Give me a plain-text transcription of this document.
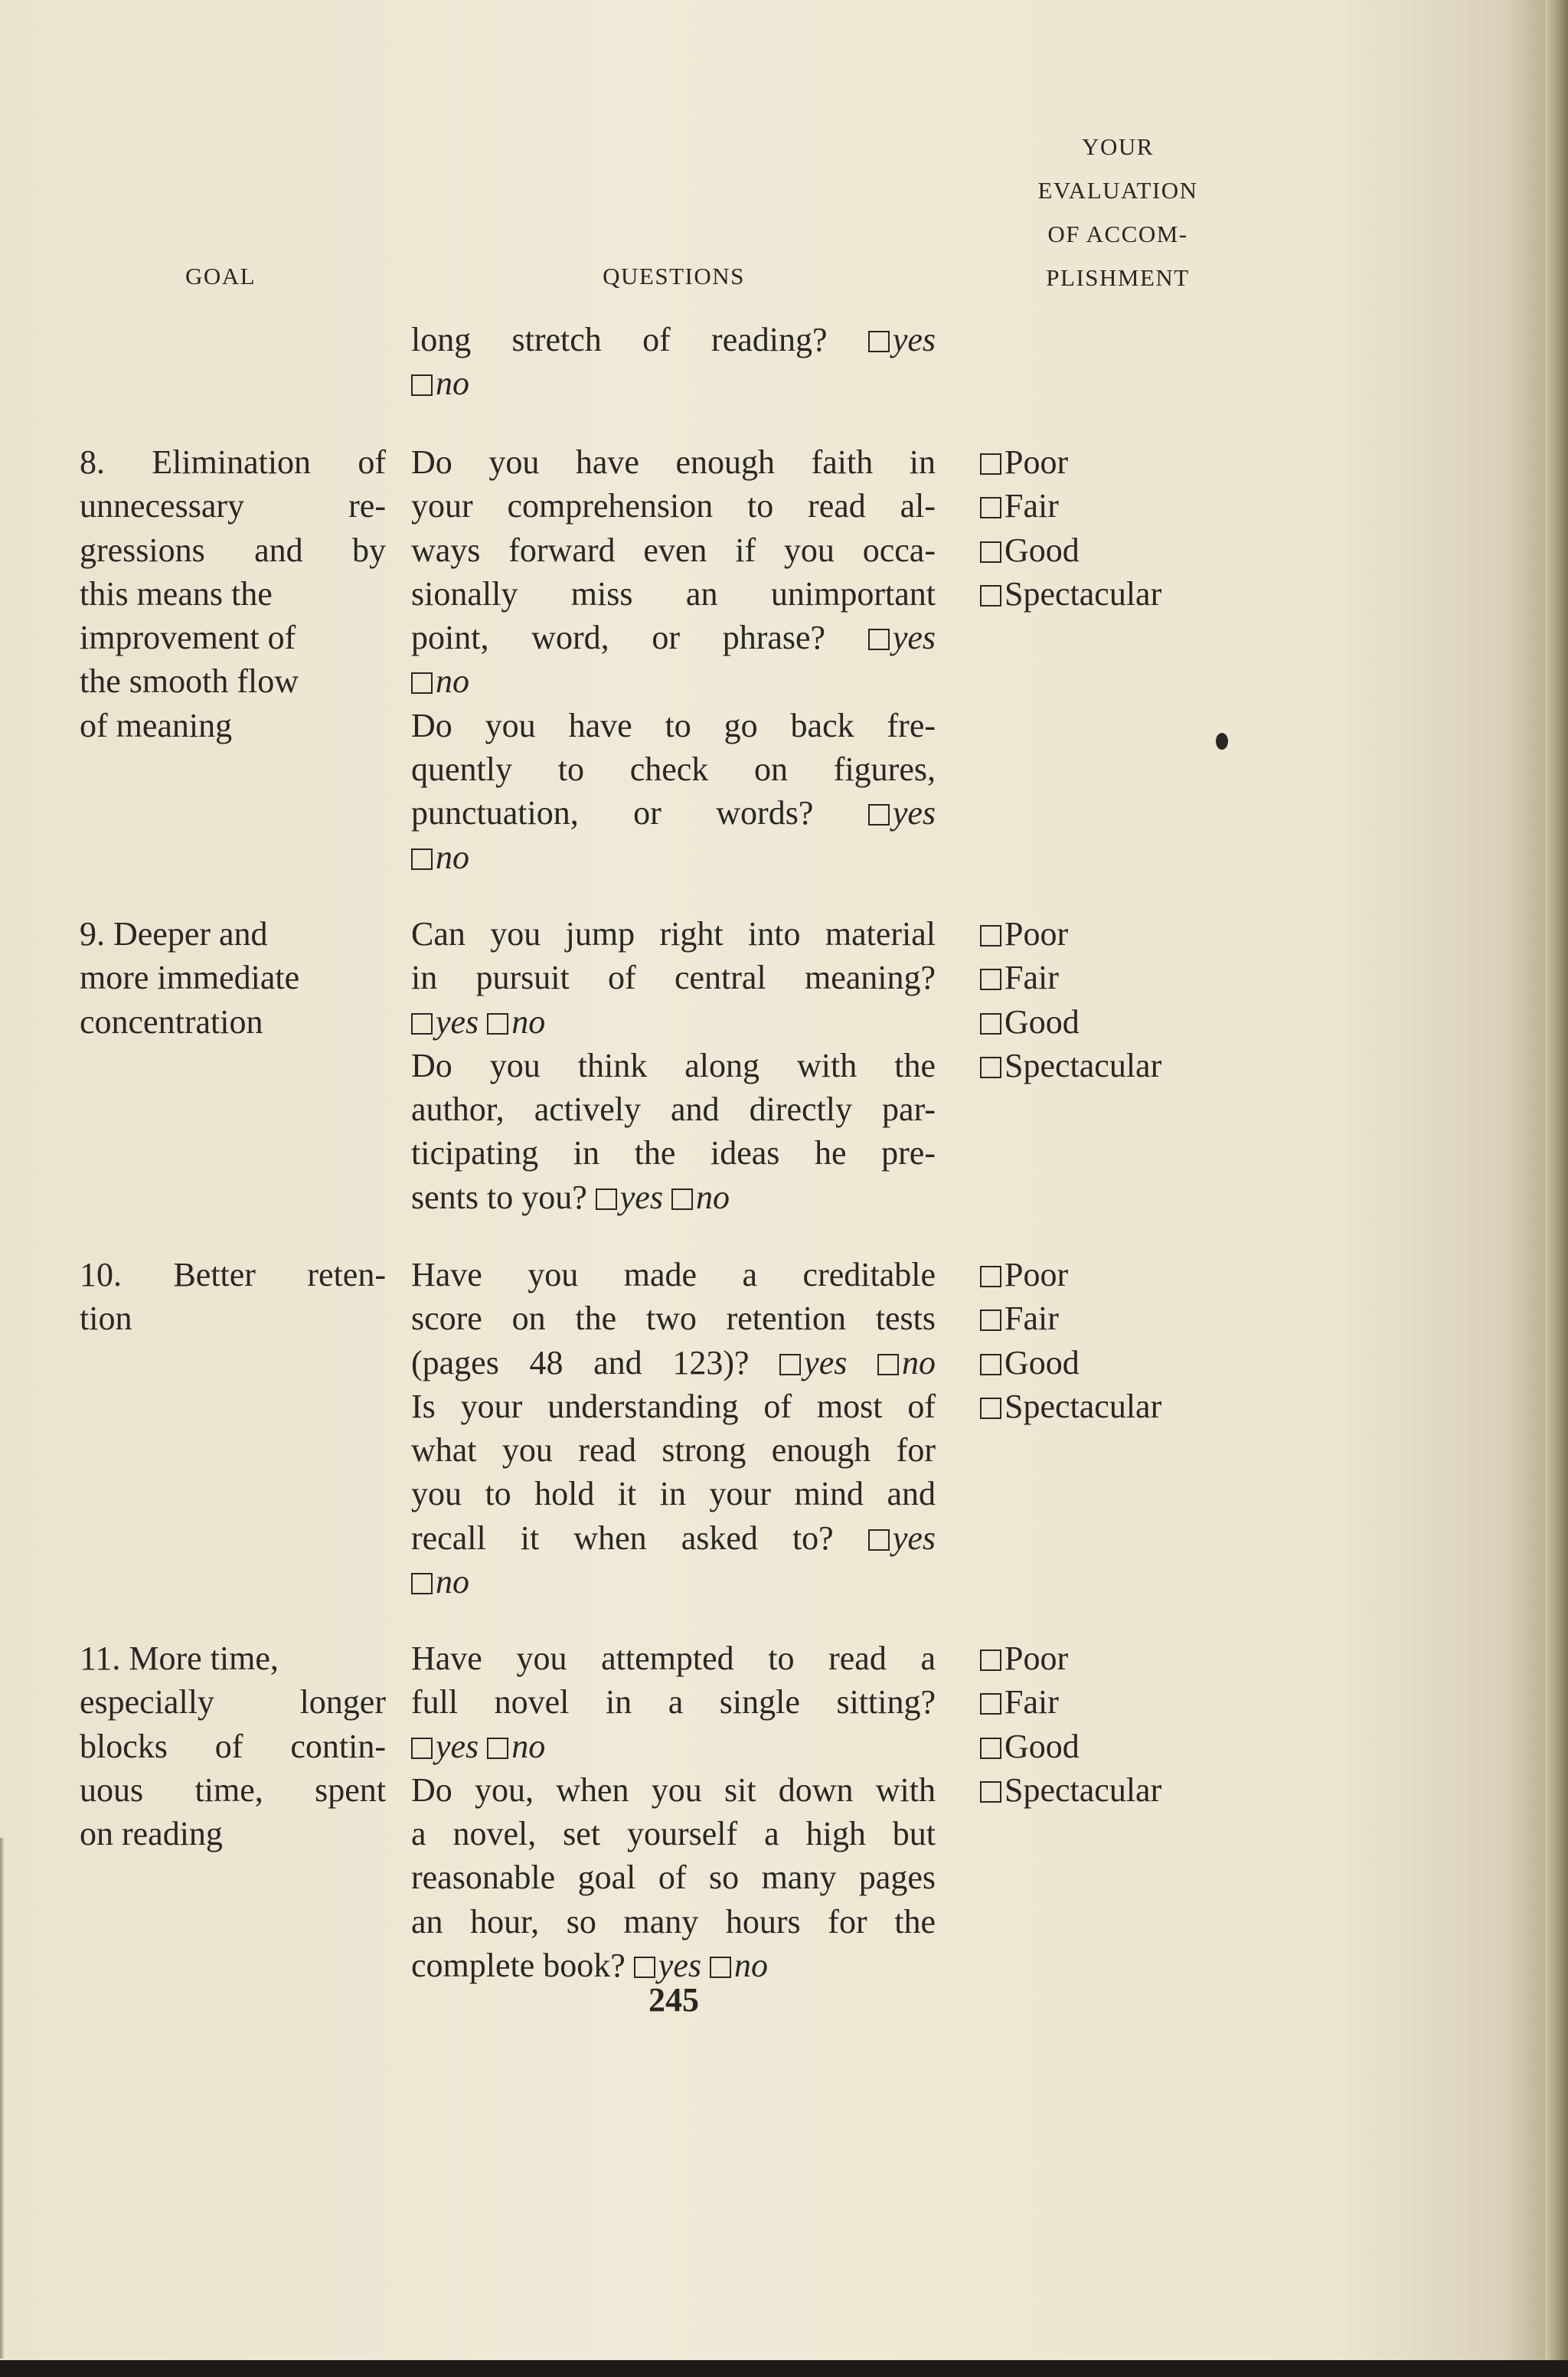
GOAL	QUESTIONS
YOUR
EVALUATION
OF ACCOM-
PLISHMENT
long stretch of reading? yes
no
8. Elimination of
unnecessary re-
gressions and by
this means the
improvement of
the smooth flow
of meaning
Do you have enough faith in
your comprehension to read al-
ways forward even if you occa-
sionally miss an unimportant
point, word, or phrase? yes
no
Do you have to go back fre-
quently to check on figures,
punctuation, or words? yes
no
Poor
Fair
Good
Spectacular
9. Deeper and
more immediate
concentration
Can you jump right into material
in pursuit of central meaning?
yes no
Do you think along with the
author, actively and directly par-
ticipating in the ideas he pre-
sents to you? yes no
Poor
Fair
Good
Spectacular
10. Better reten-
tion
Have you made a creditable
score on the two retention tests
(pages 48 and 123)? yes no
Is your understanding of most of
what you read strong enough for
you to hold it in your mind and
recall it when asked to? yes
no
Poor
Fair
Good
Spectacular
11. More time,
especially longer
blocks of contin-
uous time, spent
on reading
Have you attempted to read a
full novel in a single sitting?
yes no
Do you, when you sit down with
a novel, set yourself a high but
reasonable goal of so many pages
an hour, so many hours for the
complete book? yes no
Poor
Fair
Good
Spectacular
245
